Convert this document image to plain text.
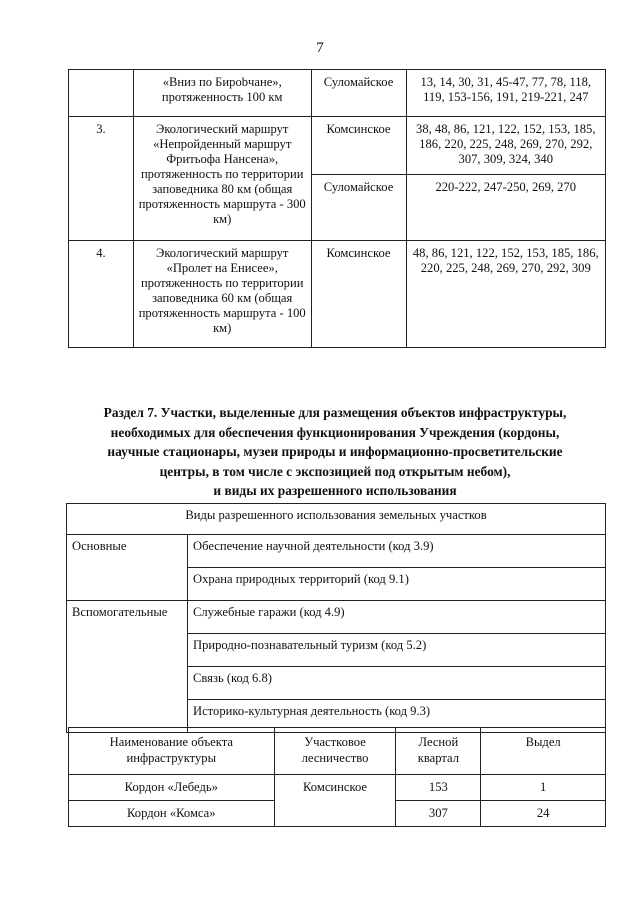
7
	«Вниз по Бирobчане», протяженность 100 км	Суломайское	13, 14, 30, 31, 45-47, 77, 78, 118, 119, 153-156, 191, 219-221, 247
3.	Экологический маршрут «Непройденный маршрут Фритьофа Нансена», протяженность по территории заповедника 80 км (общая протяженность маршрута - 300 км)	Комсинское	38, 48, 86, 121, 122, 152, 153, 185, 186, 220, 225, 248, 269, 270, 292, 307, 309, 324, 340
		Суломайское	220-222, 247-250, 269, 270
4.	Экологический маршрут «Пролет на Енисее», протяженность по территории заповедника 60 км (общая протяженность маршрута - 100 км)	Комсинское	48, 86, 121, 122, 152, 153, 185, 186, 220, 225, 248, 269, 270, 292, 309
Раздел 7. Участки, выделенные для размещения объектов инфраструктуры,
необходимых для обеспечения функционирования Учреждения (кордоны,
научные стационары, музеи природы и информационно-просветительские
центры, в том числе с экспозицией под открытым небом),
и виды их разрешенного использования
Виды разрешенного использования земельных участков	
Основные	Обеспечение научной деятельности (код 3.9)
	Охрана природных территорий (код 9.1)
Вспомогательные	Служебные гаражи (код 4.9)
	Природно-познавательный туризм (код 5.2)
	Связь (код 6.8)
	Историко-культурная деятельность (код 9.3)
Наименование объекта инфраструктуры	Участковое лесничество	Лесной квартал	Выдел
Кордон «Лебедь»	Комсинское	153	1
Кордон «Комса»		307	24
